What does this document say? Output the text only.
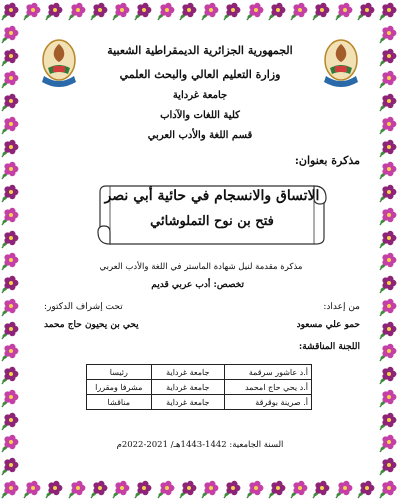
الجمهورية الجزائرية الديمقراطية الشعبية
وزارة التعليم العالي والبحث العلمي
جامعة غرداية
كلية اللغات والآداب
قسم اللغة والأدب العربي
مذكرة بعنوان:
الاتساق والانسجام في حائية أبي نصر
فتح بن نوح التملوشائي
مذكرة مقدمة لنيل شهادة الماستر في اللغة والأدب العربي
تخصص: أدب عربي قديم
من إعداد:
تحت إشراف الدكتور:
حمو علي مسعود
يحي بن يحيون حاج محمد
اللجنة المناقشة:
أ.د عاشور سرقمة	جامعة غرداية	رئيسا
أ.د يحي حاج امحمد	جامعة غرداية	مشرفا ومقررا
أ. صرينة بوقرقة	جامعة غرداية	مناقشا
السنة الجامعية: 1442-1443هـ/ 2021-2022م
